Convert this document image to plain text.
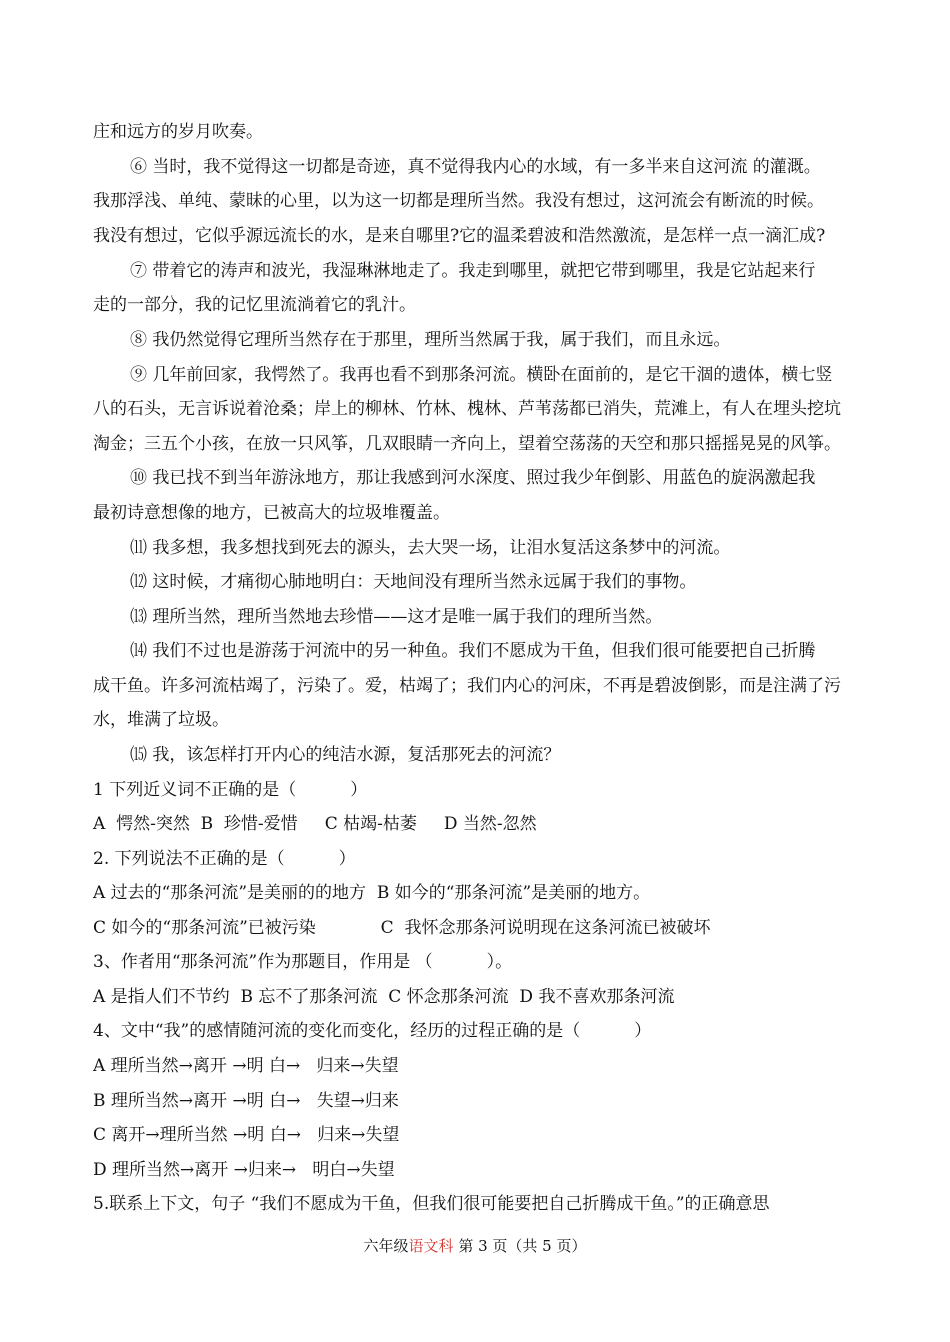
庄和远方的岁月吹奏。
⑥ 当时，我不觉得这一切都是奇迹，真不觉得我内心的水域，有一多半来自这河流 的灌溉。
我那浮浅、单纯、蒙昧的心里，以为这一切都是理所当然。我没有想过，这河流会有断流的时候。
我没有想过，它似乎源远流长的水，是来自哪里?它的温柔碧波和浩然激流，是怎样一点一滴汇成?
⑦ 带着它的涛声和波光，我湿琳淋地走了。我走到哪里，就把它带到哪里，我是它站起来行
走的一部分，我的记忆里流淌着它的乳汁。
⑧ 我仍然觉得它理所当然存在于那里，理所当然属于我，属于我们，而且永远。
⑨ 几年前回家，我愕然了。我再也看不到那条河流。横卧在面前的，是它干涸的遗体，横七竖
八的石头，无言诉说着沧桑；岸上的柳林、竹林、槐林、芦苇荡都已消失，荒滩上，有人在埋头挖坑
淘金；三五个小孩，在放一只风筝，几双眼睛一齐向上，望着空荡荡的天空和那只摇摇晃晃的风筝。
⑩ 我已找不到当年游泳地方，那让我感到河水深度、照过我少年倒影、用蓝色的旋涡激起我
最初诗意想像的地方，已被高大的垃圾堆覆盖。
⑾ 我多想，我多想找到死去的源头，去大哭一场，让泪水复活这条梦中的河流。
⑿ 这时候，才痛彻心肺地明白：天地间没有理所当然永远属于我们的事物。
⒀ 理所当然，理所当然地去珍惜——这才是唯一属于我们的理所当然。
⒁ 我们不过也是游荡于河流中的另一种鱼。我们不愿成为干鱼，但我们很可能要把自己折腾
成干鱼。许多河流枯竭了，污染了。爱，枯竭了；我们内心的河床，不再是碧波倒影，而是注满了污
水，堆满了垃圾。
⒂ 我，该怎样打开内心的纯洁水源，复活那死去的河流？
1 下列近义词不正确的是（          ）
A  愕然-突然  B  珍惜-爱惜     C 枯竭-枯萎     D 当然-忽然
2. 下列说法不正确的是（          ）
A 过去的“那条河流”是美丽的的地方  B 如今的“那条河流”是美丽的地方。
C 如今的“那条河流”已被污染            C  我怀念那条河说明现在这条河流已被破坏
3、作者用“那条河流”作为那题目，作用是 （          ）。
A 是指人们不节约  B 忘不了那条河流  C 怀念那条河流  D 我不喜欢那条河流
4、文中“我”的感情随河流的变化而变化，经历的过程正确的是（          ）
A 理所当然→离开 →明 白→   归来→失望
B 理所当然→离开 →明 白→   失望→归来
C 离开→理所当然 →明 白→   归来→失望
D 理所当然→离开 →归来→   明白→失望
5.联系上下文，句子 “我们不愿成为干鱼，但我们很可能要把自己折腾成干鱼。”的正确意思
六年级语文科 第 3 页（共 5 页）
